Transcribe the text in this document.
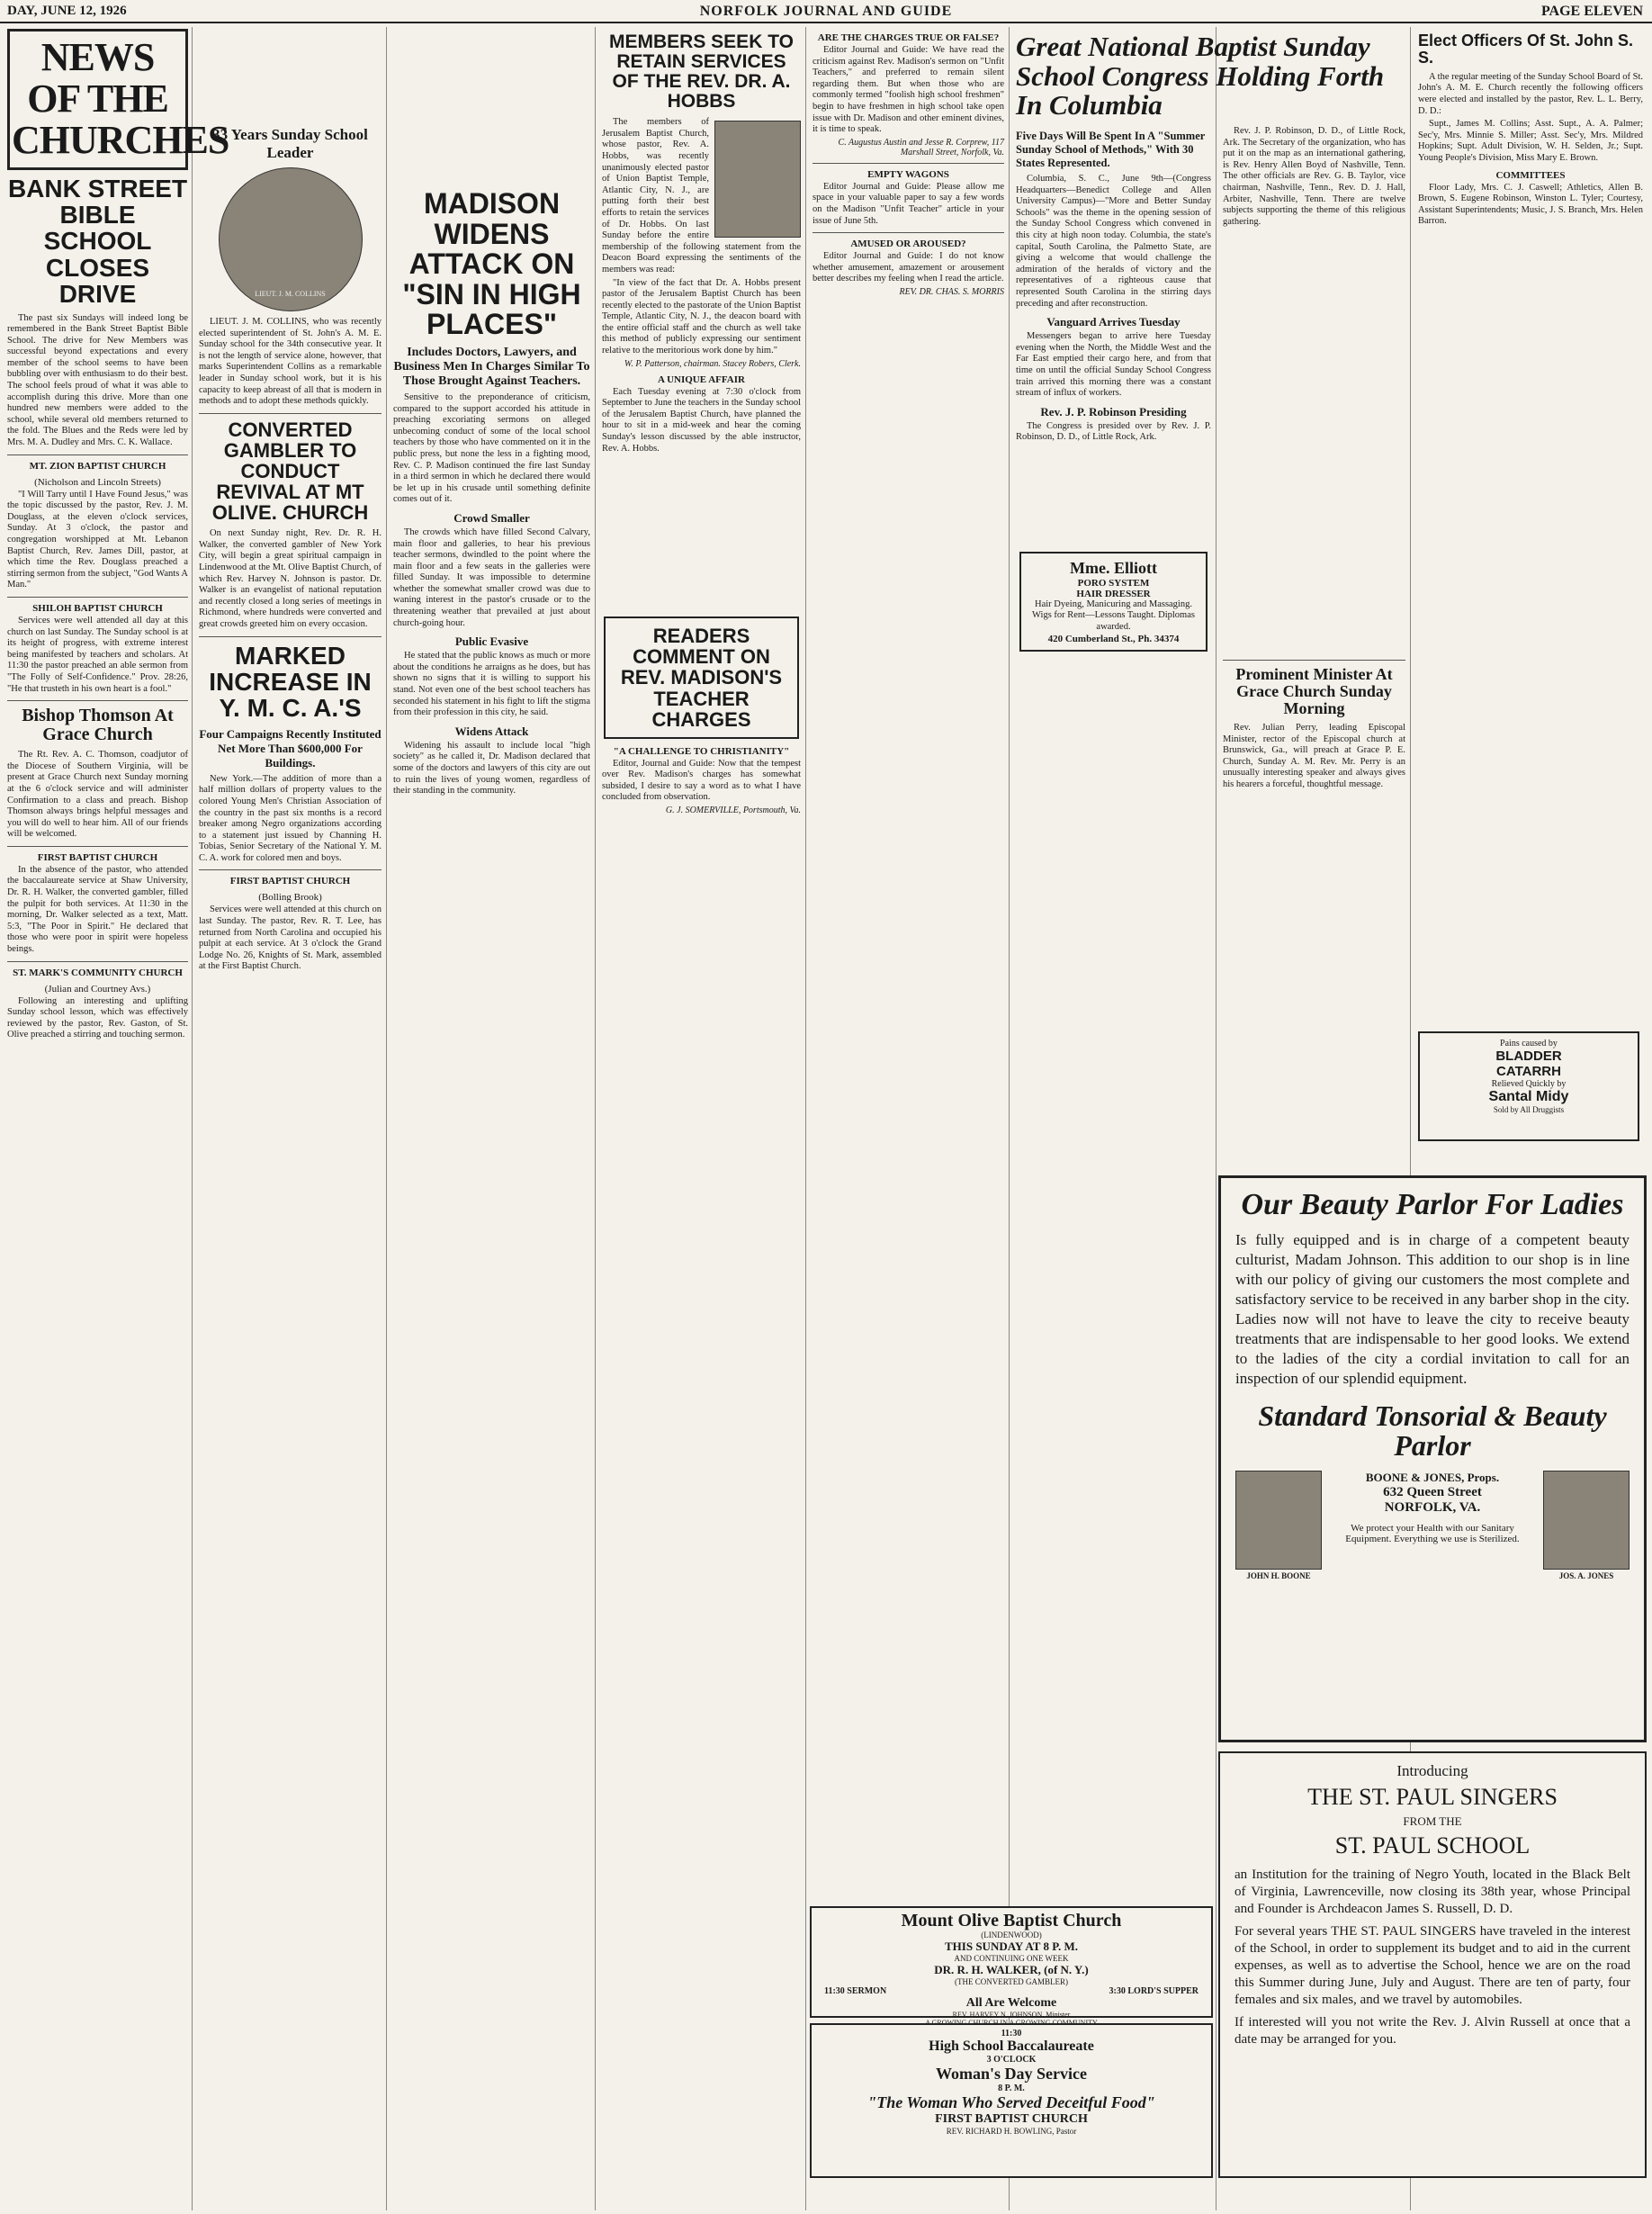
DAY, JUNE 12, 1926	NORFOLK JOURNAL AND GUIDE	PAGE ELEVEN
NEWS OF THE CHURCHES
BANK STREET BIBLE SCHOOL CLOSES DRIVE

The past six Sundays will indeed long be remembered in the Bank Street Baptist Bible School. The drive for New Members was successful beyond expectations and every member of the school seems to have been bubbling over with enthusiasm to do their best. The school feels proud of what it was able to accomplish during this drive. More than one hundred new members were added to the school, while several old members returned to the fold. The Blues and the Reds were led by Mrs. M. A. Dudley and Mrs. C. K. Wallace.

MT. ZION BAPTIST CHURCH
(Nicholson and Lincoln Streets)

"I Will Tarry until I Have Found Jesus," was the topic discussed by the pastor, Rev. J. M. Douglass, at the eleven o'clock services, Sunday. At 3 o'clock, the pastor and congregation worshipped at Mt. Lebanon Baptist Church, Rev. James Dill, pastor, at which time the Rev. Douglass preached a stirring sermon from the subject, "God Wants A Man."

SHILOH BAPTIST CHURCH

Services were well attended all day at this church on last Sunday. The Sunday school is at its height of progress, with extreme interest being manifested by teachers and scholars. At 11:30 the pastor preached an able sermon from "The Folly of Self-Confidence." Prov. 28:26, "He that trusteth in his own heart is a fool."

Bishop Thomson At Grace Church

The Rt. Rev. A. C. Thomson, coadjutor of the Diocese of Southern Virginia, will be present at Grace Church next Sunday morning at the 6 o'clock service and will administer Confirmation to a class and preach. Bishop Thomson always brings helpful messages and you will do well to hear him. All of our friends will be welcomed.

FIRST BAPTIST CHURCH

In the absence of the pastor, who attended the baccalaureate service at Shaw University, Dr. R. H. Walker, the converted gambler, filled the pulpit for both services. At 11:30 in the morning, Dr. Walker selected as a text, Matt. 5:3, "The Poor in Spirit." He declared that those who were poor in spirit were hopeless beings.

ST. MARK'S COMMUNITY CHURCH
(Julian and Courtney Avs.)

Following an interesting and uplifting Sunday school lesson, which was effectively reviewed by the pastor, Rev. Gaston, of St. Olive preached a stirring and touching sermon.

33 Years Sunday School Leader
LIEUT. J. M. COLLINS

LIEUT. J. M. COLLINS, who was recently elected superintendent of St. John's A. M. E. Sunday school for the 34th consecutive year. It is not the length of service alone, however, that marks Superintendent Collins as a remarkable leader in Sunday school work, but it is his capacity to keep abreast of all that is modern in methods and to adopt these methods quickly.

CONVERTED GAMBLER TO CONDUCT REVIVAL AT MT OLIVE. CHURCH

On next Sunday night, Rev. Dr. R. H. Walker, the converted gambler of New York City, will begin a great spiritual campaign in Lindenwood at the Mt. Olive Baptist Church, of which Rev. Harvey N. Johnson is pastor. Dr. Walker is an evangelist of national reputation and recently closed a long series of meetings in Richmond, where hundreds were converted and great crowds greeted him on every occasion.

MARKED INCREASE IN Y. M. C. A.'S
Four Campaigns Recently Instituted Net More Than $600,000 For Buildings.

New York.—The addition of more than a half million dollars of property values to the colored Young Men's Christian Association of the country in the past six months is a record breaker among Negro organizations according to a statement just issued by Channing H. Tobias, Senior Secretary of the National Y. M. C. A. work for colored men and boys.

FIRST BAPTIST CHURCH
(Bolling Brook)

Services were well attended at this church on last Sunday. The pastor, Rev. R. T. Lee, has returned from North Carolina and occupied his pulpit at each service. At 3 o'clock the Grand Lodge No. 26, Knights of St. Mark, assembled at the First Baptist Church.

MADISON WIDENS ATTACK ON "SIN IN HIGH PLACES"
Includes Doctors, Lawyers, and Business Men In Charges Similar To Those Brought Against Teachers.

Sensitive to the preponderance of criticism, compared to the support accorded his attitude in preaching excoriating sermons on alleged unbecoming conduct of some of the local school teachers by those who have commented on it in the public press, but none the less in a fighting mood, Rev. C. P. Madison continued the fire last Sunday in a third sermon in which he declared there would be let up in his crusade until something definite comes out of it.

Crowd Smaller

The crowds which have filled Second Calvary, main floor and galleries, to hear his previous teacher sermons, dwindled to the point where the main floor and a few seats in the galleries were filled Sunday. It was impossible to determine whether the somewhat smaller crowd was due to waning interest in the pastor's crusade or to the threatening weather that prevailed at just about church-going hour.

Public Evasive

He stated that the public knows as much or more about the conditions he arraigns as he does, but has shown no signs that it is willing to support his stand. Not even one of the best school teachers has seconded his statement in his fight to lift the stigma from their profession in this city, he said.

Widens Attack

Widening his assault to include local "high society" as he called it, Dr. Madison declared that some of the doctors and lawyers of this city are out to ruin the lives of young women, regardless of their standing in the community.

MEMBERS SEEK TO RETAIN SERVICES OF THE REV. DR. A. HOBBS

The members of Jerusalem Baptist Church, whose pastor, Rev. A. Hobbs, was recently unanimously elected pastor of Union Baptist Temple, Atlantic City, N. J., are putting forth their best efforts to retain the services of Dr. Hobbs. On last Sunday before the entire membership of the following statement from the Deacon Board expressing the sentiments of the members was read:

"In view of the fact that Dr. A. Hobbs present pastor of the Jerusalem Baptist Church has been recently elected to the pastorate of the Union Baptist Temple, Atlantic City, N. J., the deacon board with the entire official staff and the church as well take this method of publicly expressing our sentiment relative to the meritorious work done by him."

W. P. Patterson, chairman. Stacey Robers, Clerk.
A UNIQUE AFFAIR

Each Tuesday evening at 7:30 o'clock from September to June the teachers in the Sunday school of the Jerusalem Baptist Church, have planned the hour to sit in a mid-week and hear the coming Sunday's lesson discussed by the able instructor, Rev. A. Hobbs.

READERS COMMENT ON REV. MADISON'S TEACHER CHARGES
"A CHALLENGE TO CHRISTIANITY"

Editor, Journal and Guide: Now that the tempest over Rev. Madison's charges has somewhat subsided, I desire to say a word as to what I have concluded from observation.

G. J. SOMERVILLE, Portsmouth, Va.
ARE THE CHARGES TRUE OR FALSE?

Editor Journal and Guide: We have read the criticism against Rev. Madison's sermon on "Unfit Teachers," and preferred to remain silent regarding them. But when those who are commonly termed "foolish high school freshmen" begin to have freshmen in high school take open issue with Dr. Madison and other eminent divines, it is time to speak.

C. Augustus Austin and Jesse R. Corprew, 117 Marshall Street, Norfolk, Va.
EMPTY WAGONS

Editor Journal and Guide: Please allow me space in your valuable paper to say a few words on the Madison "Unfit Teacher" article in your issue of June 5th.

AMUSED OR AROUSED?

Editor Journal and Guide: I do not know whether amusement, amazement or arousement better describes my feeling when I read the article.

REV. DR. CHAS. S. MORRIS
Great National Baptist Sunday School Congress Holding Forth In Columbia
Five Days Will Be Spent In A "Summer Sunday School of Methods," With 30 States Represented.

Columbia, S. C., June 9th—(Congress Headquarters—Benedict College and Allen University Campus)—"More and Better Sunday Schools" was the theme in the opening session of the Sunday School Congress which convened in this city at high noon today. Columbia, the state's capital, South Carolina, the Palmetto State, are giving a welcome that would challenge the admiration of the heralds of victory and the representatives of a righteous cause that represented South Carolina in the stirring days preceding and after reconstruction.

Vanguard Arrives Tuesday

Messengers began to arrive here Tuesday evening when the North, the Middle West and the Far East emptied their cargo here, and from that time on until the official Sunday School Congress train arrived this morning there was a constant stream of influx of workers.

Rev. J. P. Robinson Presiding

The Congress is presided over by Rev. J. P. Robinson, D. D., of Little Rock, Ark.

Mme. Elliott
PORO SYSTEM
HAIR DRESSER
Hair Dyeing, Manicuring and Massaging. Wigs for Rent—Lessons Taught. Diplomas awarded.
420 Cumberland St., Ph. 34374

Rev. J. P. Robinson, D. D., of Little Rock, Ark. The Secretary of the organization, who has put it on the map as an international gathering, is Rev. Henry Allen Boyd of Nashville, Tenn. The other officials are Rev. G. B. Taylor, vice chairman, Nashville, Tenn., Rev. D. J. Hall, Arbiter, Nashville, Tenn. There are twelve subjects supporting the theme of this religious gathering.

Prominent Minister At Grace Church Sunday Morning

Rev. Julian Perry, leading Episcopal Minister, rector of the Episcopal church at Brunswick, Ga., will preach at Grace P. E. Church, Sunday A. M. Rev. Mr. Perry is an unusually interesting speaker and always gives his hearers a forceful, thoughtful message.

Elect Officers Of St. John S. S.

A the regular meeting of the Sunday School Board of St. John's A. M. E. Church recently the following officers were elected and installed by the pastor, Rev. L. L. Berry, D. D.:

Supt., James M. Collins; Asst. Supt., A. A. Palmer; Sec'y, Mrs. Minnie S. Miller; Asst. Sec'y, Mrs. Mildred Hopkins; Supt. Adult Division, W. H. Selden, Jr.; Supt. Young People's Division, Miss Mary E. Brown.

COMMITTEES

Floor Lady, Mrs. C. J. Caswell; Athletics, Allen B. Brown, S. Eugene Robinson, Winston L. Tyler; Courtesy, Assistant Superintendents; Music, J. S. Branch, Mrs. Helen Barron.

Pains caused by
BLADDER
CATARRH
Relieved Quickly by
Santal Midy
Sold by All Druggists
Our Beauty Parlor For Ladies
Is fully equipped and is in charge of a competent beauty culturist, Madam Johnson. This addition to our shop is in line with our policy of giving our customers the most complete and satisfactory service to be received in any barber shop in the city. Ladies now will not have to leave the city to receive beauty treatments that are indispensable to her good looks. We extend to the ladies of the city a cordial invitation to call for an inspection of our splendid equipment.
Standard Tonsorial & Beauty Parlor
JOHN H. BOONE
BOONE & JONES, Props.
632 Queen Street
NORFOLK, VA.
We protect your Health with our Sanitary Equipment. Everything we use is Sterilized.
JOS. A. JONES
Mount Olive Baptist Church
(LINDENWOOD)
THIS SUNDAY AT 8 P. M.
AND CONTINUING ONE WEEK
DR. R. H. WALKER, (of N. Y.)
(THE CONVERTED GAMBLER)
11:30 SERMON	3:30 LORD'S SUPPER
All Are Welcome
REV. HARVEY N. JOHNSON, Minister
11:30
High School Baccalaureate
3 O'CLOCK
Woman's Day Service
8 P. M.
"The Woman Who Served Deceitful Food"
FIRST BAPTIST CHURCH
REV. RICHARD H. BOWLING, Pastor
Introducing
THE ST. PAUL SINGERS
FROM THE
ST. PAUL SCHOOL
an Institution for the training of Negro Youth, located in the Black Belt of Virginia, Lawrenceville, now closing its 38th year, whose Principal and Founder is Archdeacon James S. Russell, D. D.
For several years THE ST. PAUL SINGERS have traveled in the interest of the School, in order to supplement its budget and to aid in the current expenses, as well as to advertise the School, hence we are on the road this Summer during June, July and August. There are ten of party, four females and six males, and we travel by automobiles.
If interested will you not write the Rev. J. Alvin Russell at once that a date may be arranged for you.
